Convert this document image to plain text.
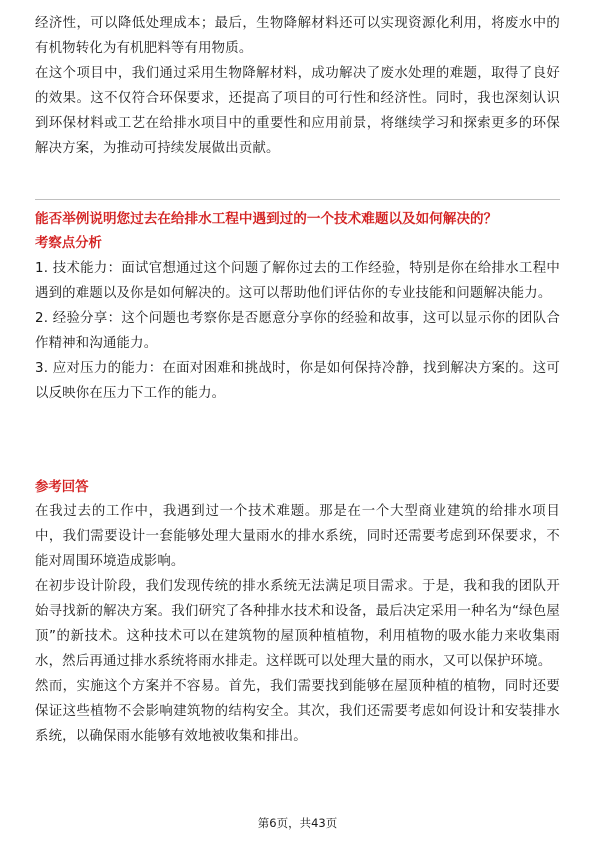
经济性，可以降低处理成本；最后，生物降解材料还可以实现资源化利用，将废水中的有机物转化为有机肥料等有用物质。

在这个项目中，我们通过采用生物降解材料，成功解决了废水处理的难题，取得了良好的效果。这不仅符合环保要求，还提高了项目的可行性和经济性。同时，我也深刻认识到环保材料或工艺在给排水项目中的重要性和应用前景，将继续学习和探索更多的环保解决方案，为推动可持续发展做出贡献。

能否举例说明您过去在给排水工程中遇到过的一个技术难题以及如何解决的？

考察点分析

1. 技术能力：面试官想通过这个问题了解你过去的工作经验，特别是你在给排水工程中遇到的难题以及你是如何解决的。这可以帮助他们评估你的专业技能和问题解决能力。

2. 经验分享：这个问题也考察你是否愿意分享你的经验和故事，这可以显示你的团队合作精神和沟通能力。

3. 应对压力的能力：在面对困难和挑战时，你是如何保持冷静，找到解决方案的。这可以反映你在压力下工作的能力。

参考回答

在我过去的工作中，我遇到过一个技术难题。那是在一个大型商业建筑的给排水项目中，我们需要设计一套能够处理大量雨水的排水系统，同时还需要考虑到环保要求，不能对周围环境造成影响。

在初步设计阶段，我们发现传统的排水系统无法满足项目需求。于是，我和我的团队开始寻找新的解决方案。我们研究了各种排水技术和设备，最后决定采用一种名为“绿色屋顶”的新技术。这种技术可以在建筑物的屋顶种植植物，利用植物的吸水能力来收集雨水，然后再通过排水系统将雨水排走。这样既可以处理大量的雨水，又可以保护环境。

然而，实施这个方案并不容易。首先，我们需要找到能够在屋顶种植的植物，同时还要保证这些植物不会影响建筑物的结构安全。其次，我们还需要考虑如何设计和安装排水系统，以确保雨水能够有效地被收集和排出。

第6页，共43页
